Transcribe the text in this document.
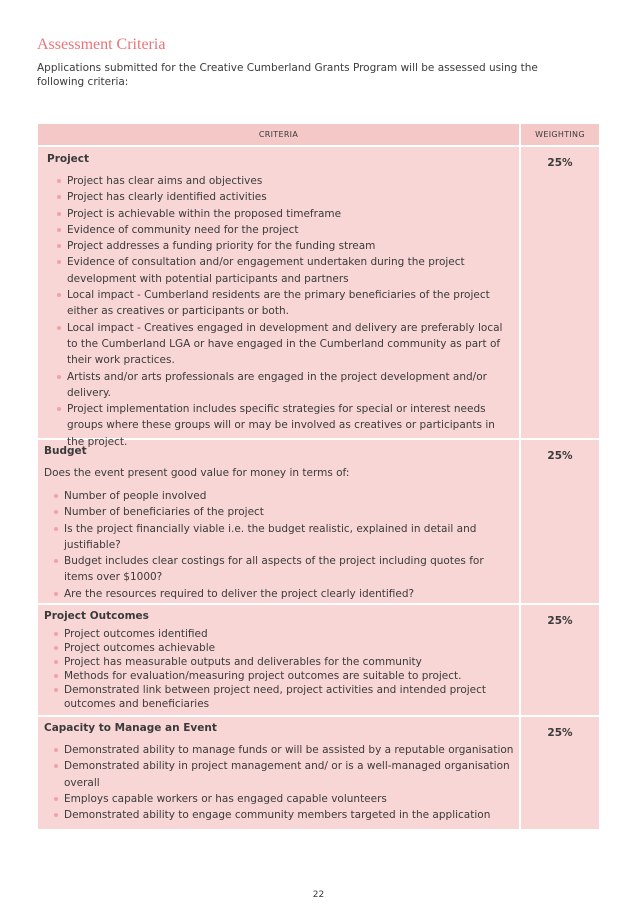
Assessment Criteria
Applications submitted for the Creative Cumberland Grants Program will be assessed using the following criteria:
CRITERIA	WEIGHTING
Project
Project has clear aims and objectives
Project has clearly identified activities
Project is achievable within the proposed timeframe
Evidence of community need for the project
Project addresses a funding priority for the funding stream
Evidence of consultation and/or engagement undertaken during the project development with potential participants and partners
Local impact - Cumberland residents are the primary beneficiaries of the project either as creatives or participants or both.
Local impact - Creatives engaged in development and delivery are preferably local to the Cumberland LGA or have engaged in the Cumberland community as part of their work practices.
Artists and/or arts professionals are engaged in the project development and/or delivery.
Project implementation includes specific strategies for special or interest needs groups where these groups will or may be involved as creatives or participants in the project.
25%
Budget
Does the event present good value for money in terms of:
Number of people involved
Number of beneficiaries of the project
Is the project financially viable i.e. the budget realistic, explained in detail and justifiable?
Budget includes clear costings for all aspects of the project including quotes for items over $1000?
Are the resources required to deliver the project clearly identified?
25%
Project Outcomes
Project outcomes identified
Project outcomes achievable
Project has measurable outputs and deliverables for the community
Methods for evaluation/measuring project outcomes are suitable to project.
Demonstrated link between project need, project activities and intended project outcomes and beneficiaries
25%
Capacity to Manage an Event
Demonstrated ability to manage funds or will be assisted by a reputable organisation
Demonstrated ability in project management and/ or is a well-managed organisation overall
Employs capable workers or has engaged capable volunteers
Demonstrated ability to engage community members targeted in the application
25%
22
